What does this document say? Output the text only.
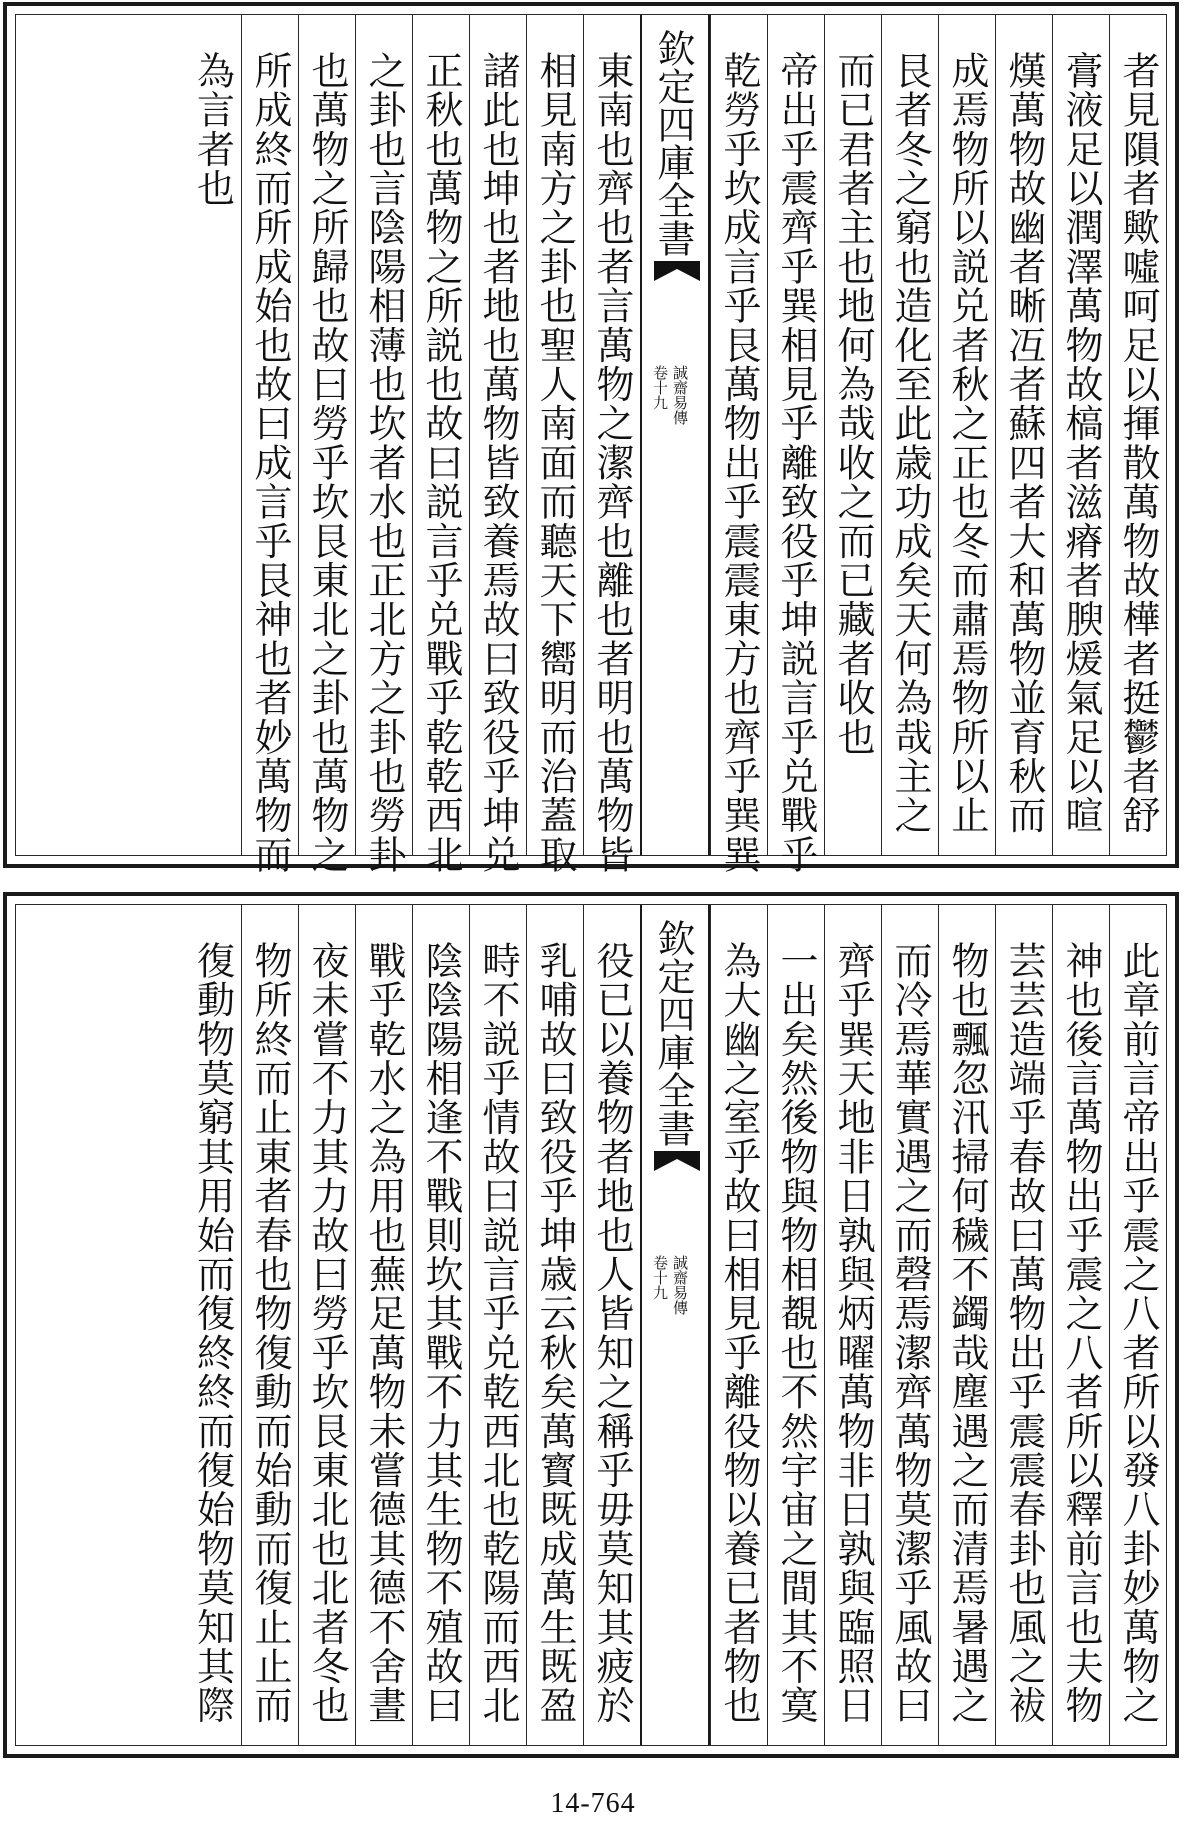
者見隕者歟噓呵足以揮散萬物故樺者挺鬱者舒
膏液足以潤澤萬物故槁者滋瘠者腴煖氣足以暄
熯萬物故幽者晰冱者蘇四者大和萬物並育秋而
成焉物所以説兑者秋之正也冬而肅焉物所以止
艮者冬之窮也造化至此歳功成矣天何為哉主之
而已君者主也地何為哉收之而已藏者收也
帝出乎震齊乎巽相見乎離致役乎坤説言乎兑戰乎
乾勞乎坎成言乎艮萬物出乎震震東方也齊乎巽巽
欽定四庫全書
誠齋易傳
卷十九
東南也齊也者言萬物之潔齊也離也者明也萬物皆
相見南方之卦也聖人南面而聽天下嚮明而治蓋取
諸此也坤也者地也萬物皆致養焉故曰致役乎坤兑
正秋也萬物之所説也故曰説言乎兑戰乎乾乾西北
之卦也言陰陽相薄也坎者水也正北方之卦也勞卦
也萬物之所歸也故曰勞乎坎艮東北之卦也萬物之
所成終而所成始也故曰成言乎艮神也者妙萬物而
為言者也
此章前言帝出乎震之八者所以發八卦妙萬物之
神也後言萬物出乎震之八者所以釋前言也夫物
芸芸造端乎春故曰萬物出乎震震春卦也風之袚
物也飄忽汛掃何穢不蠲哉塵遇之而清焉暑遇之
而冷焉華實遇之而磬焉潔齊萬物莫潔乎風故曰
齊乎巽天地非日孰與炳曜萬物非日孰與臨照日
一出矣然後物與物相覩也不然宇宙之間其不寞
為大幽之室乎故曰相見乎離役物以養已者物也
欽定四庫全書
誠齋易傳
卷十九
役已以養物者地也人皆知之稱乎毋莫知其疲於
乳哺故曰致役乎坤歳云秋矣萬寳既成萬生既盈
畤不説乎情故曰説言乎兑乾西北也乾陽而西北
陰陰陽相逢不戰則坎其戰不力其生物不殖故曰
戰乎乾水之為用也蕪足萬物未嘗德其德不舍晝
夜未嘗不力其力故曰勞乎坎艮東北也北者冬也
物所終而止東者春也物復動而始動而復止止而
復動物莫窮其用始而復終終而復始物莫知其際
14-764
